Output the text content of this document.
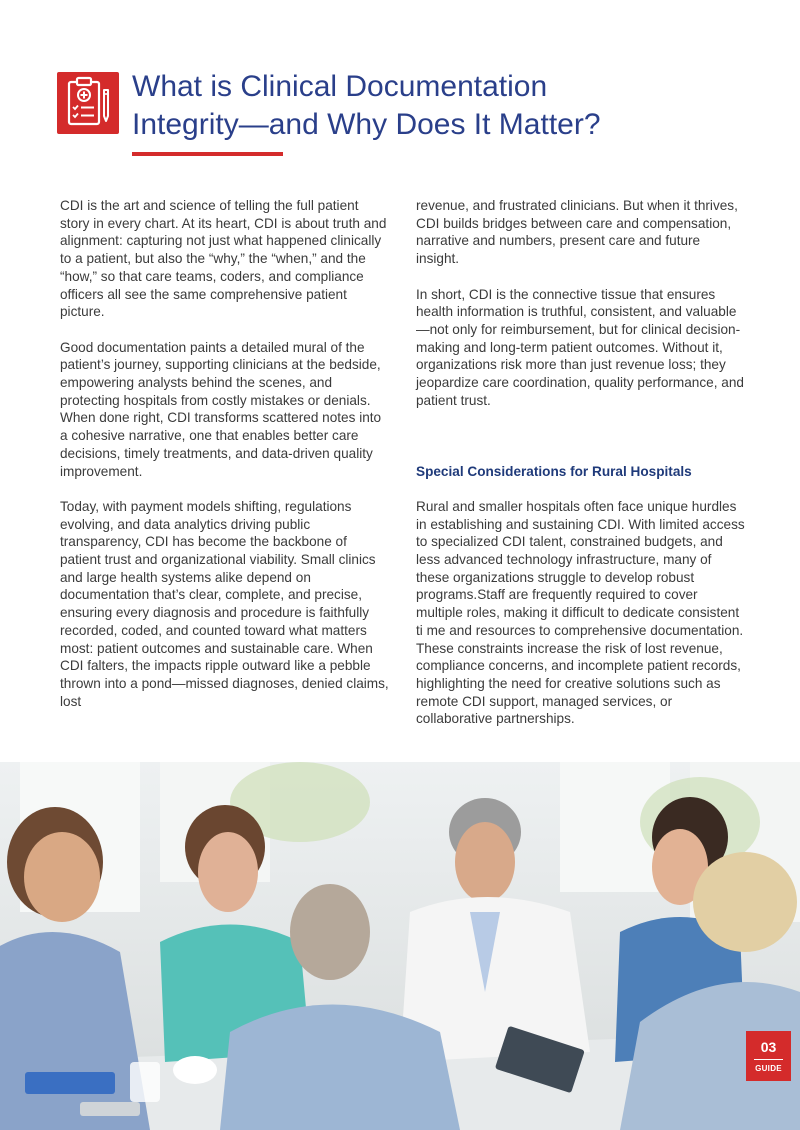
What is Clinical Documentation
Integrity—and Why Does It Matter?

CDI is the art and science of telling the full patient story in every chart. At its heart, CDI is about truth and alignment: capturing not just what happened clinically to a patient, but also the “why,” the “when,” and the “how,” so that care teams, coders, and compliance officers all see the same comprehensive patient picture.

Good documentation paints a detailed mural of the patient’s journey, supporting clinicians at the bedside, empowering analysts behind the scenes, and protecting hospitals from costly mistakes or denials. When done right, CDI transforms scattered notes into a cohesive narrative, one that enables better care decisions, timely treatments, and data-driven quality improvement.

Today, with payment models shifting, regulations evolving, and data analytics driving public transparency, CDI has become the backbone of patient trust and organizational viability. Small clinics and large health systems alike depend on documentation that’s clear, complete, and precise, ensuring every diagnosis and procedure is faithfully recorded, coded, and counted toward what matters most: patient outcomes and sustainable care. When CDI falters, the impacts ripple outward like a pebble thrown into a pond—missed diagnoses, denied claims, lost

revenue, and frustrated clinicians. But when it thrives, CDI builds bridges between care and compensation, narrative and numbers, present care and future insight.

In short, CDI is the connective tissue that ensures health information is truthful, consistent, and valuable—not only for reimbursement, but for clinical decision-making and long-term patient outcomes. Without it, organizations risk more than just revenue loss; they jeopardize care coordination, quality performance, and patient trust.

Special Considerations for Rural Hospitals

Rural and smaller hospitals often face unique hurdles in establishing and sustaining CDI. With limited access to specialized CDI talent, constrained budgets, and less advanced technology infrastructure, many of these organizations struggle to develop robust programs.Staff are frequently required to cover multiple roles, making it difficult to dedicate consistent ti me and resources to comprehensive documentation. These constraints increase the risk of lost revenue, compliance concerns, and incomplete patient records, highlighting the need for creative solutions such as remote CDI support, managed services, or collaborative partnerships.

03
GUIDE
